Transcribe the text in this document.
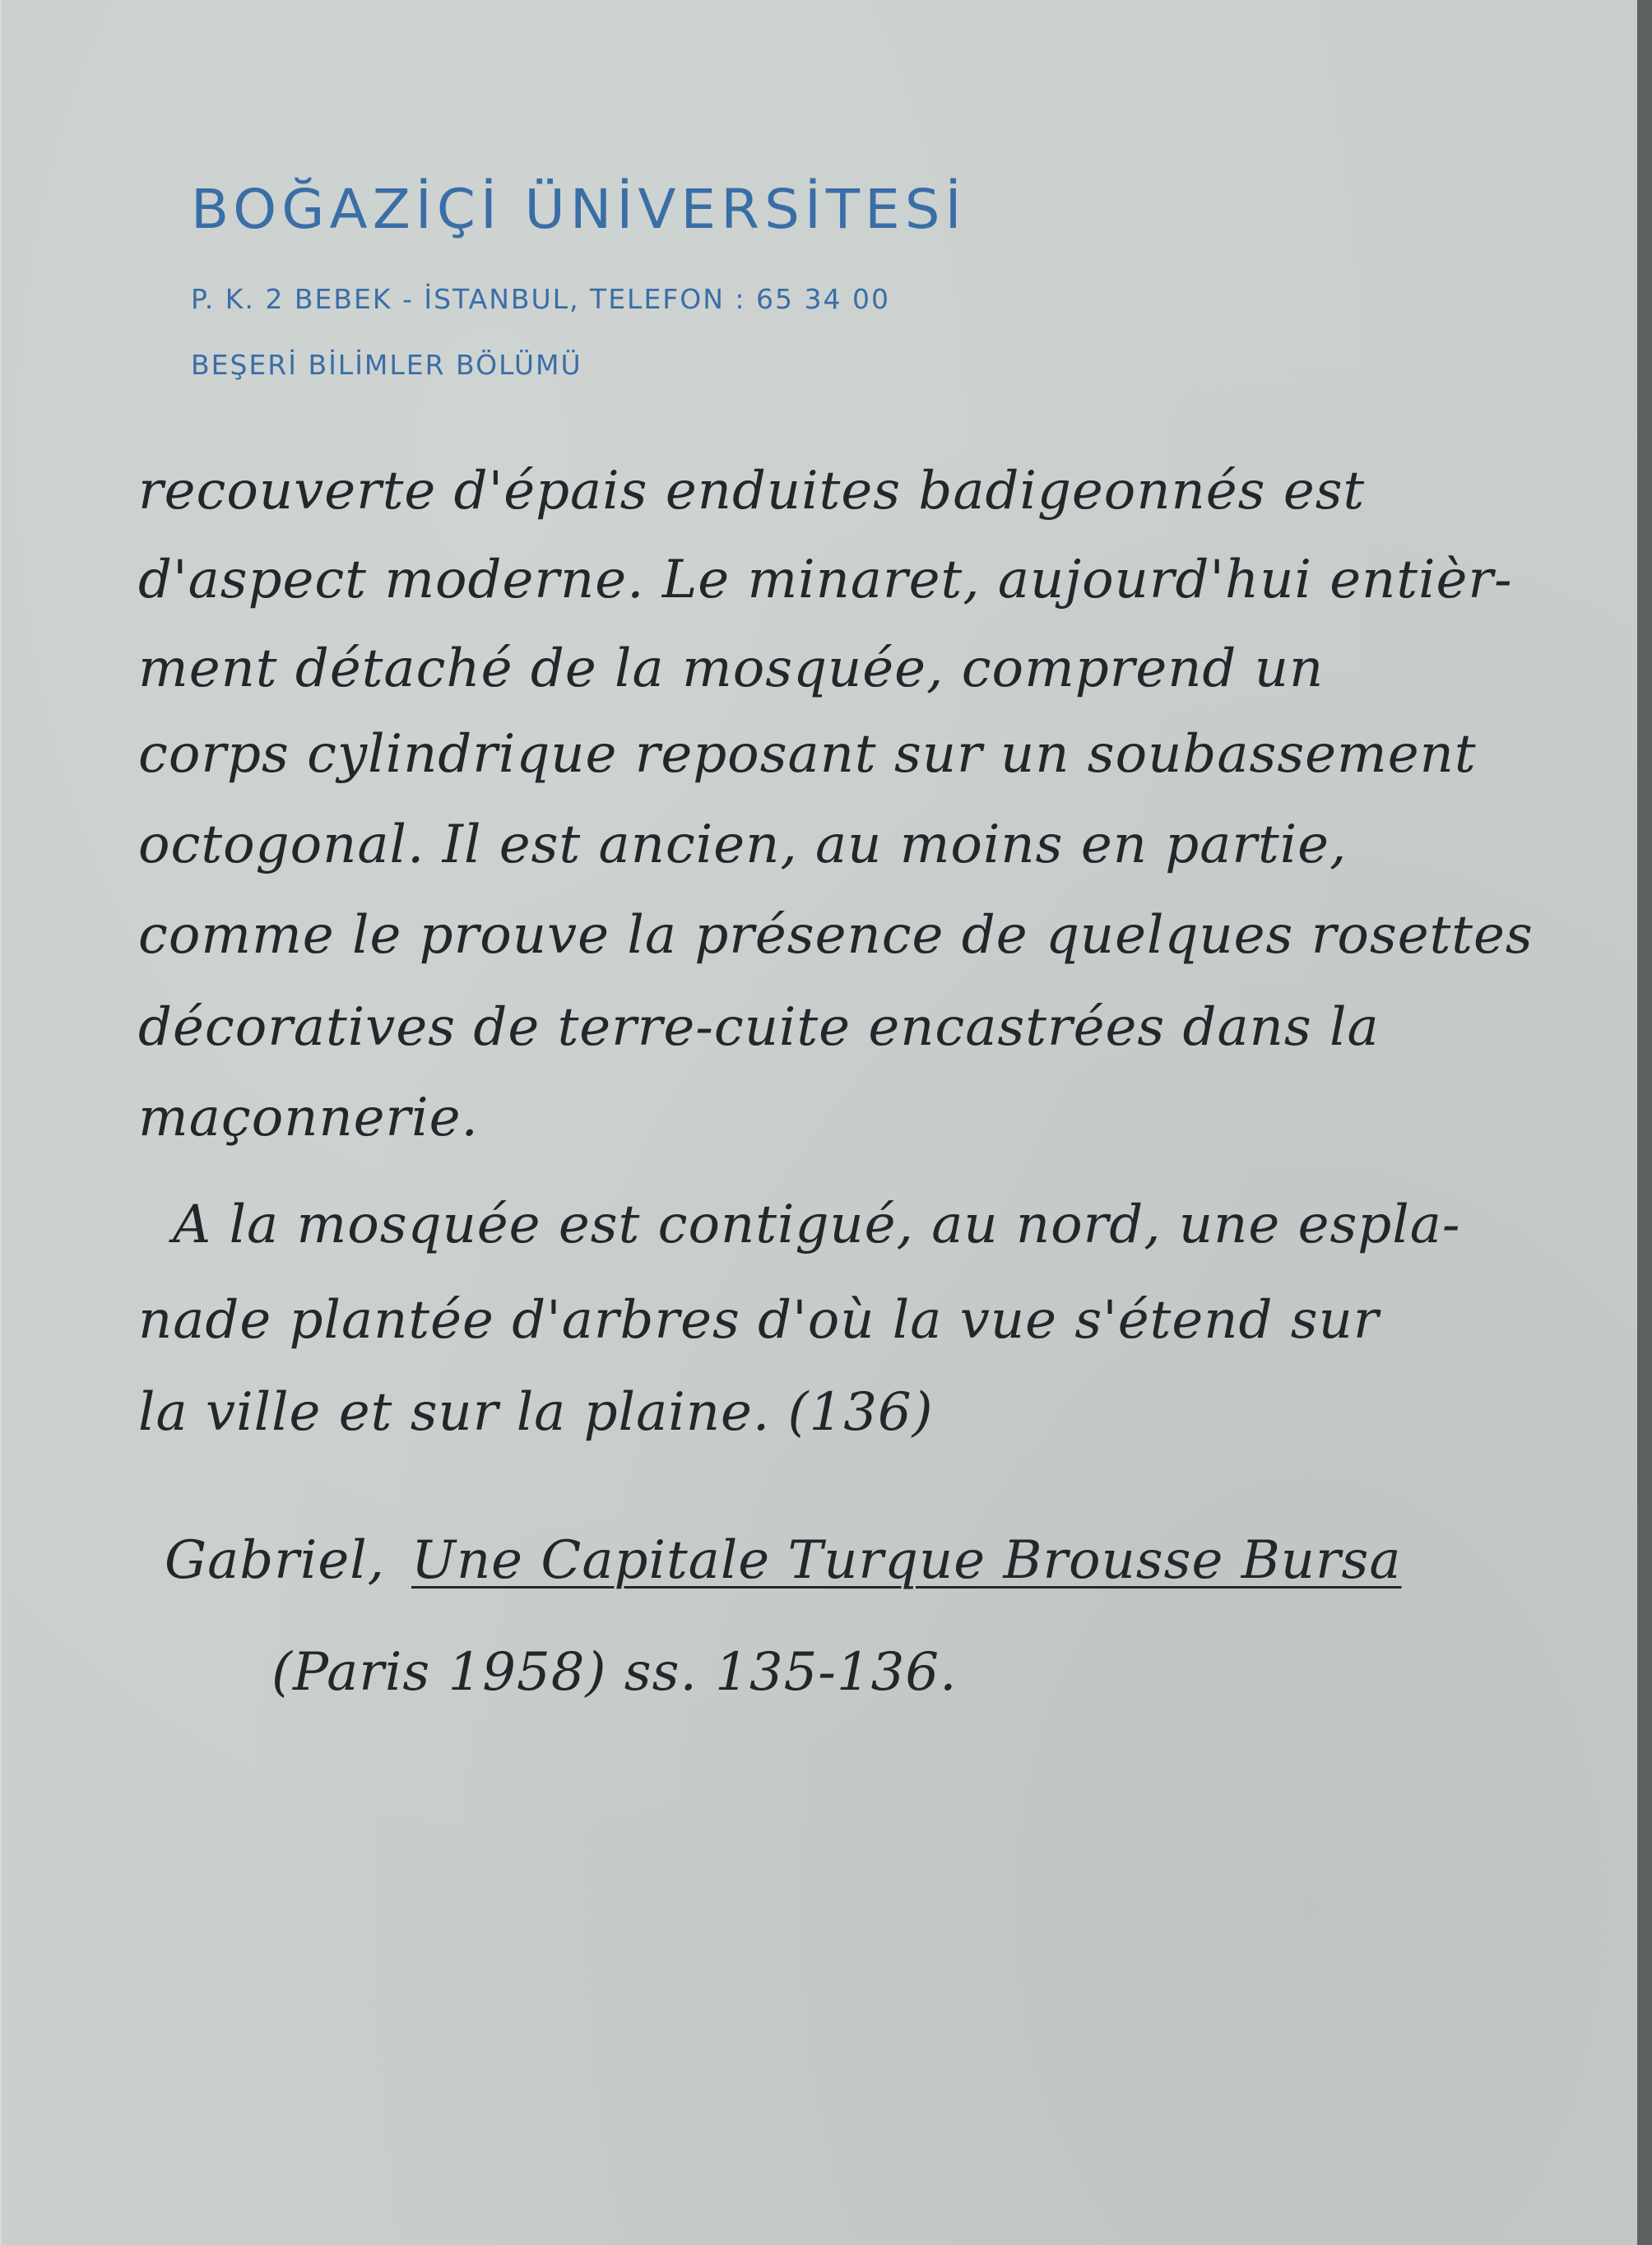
BOĞAZİÇİ ÜNİVERSİTESİ
P. K. 2 BEBEK - İSTANBUL, TELEFON : 65 34 00
BEŞERİ BİLİMLER BÖLÜMÜ
recouverte d'épais enduites badigeonnés est
d'aspect moderne. Le minaret, aujourd'hui entièr-
ment détaché de la mosquée, comprend un
corps cylindrique reposant sur un soubassement
octogonal. Il est ancien, au moins en partie,
comme le prouve la présence de quelques rosettes
décoratives de terre-cuite encastrées dans la
maçonnerie.
A la mosquée est contigué, au nord, une espla-
nade plantée d'arbres d'où la vue s'étend sur
la ville et sur la plaine. (136)
Gabriel, Une Capitale Turque Brousse Bursa
(Paris 1958) ss. 135-136.
